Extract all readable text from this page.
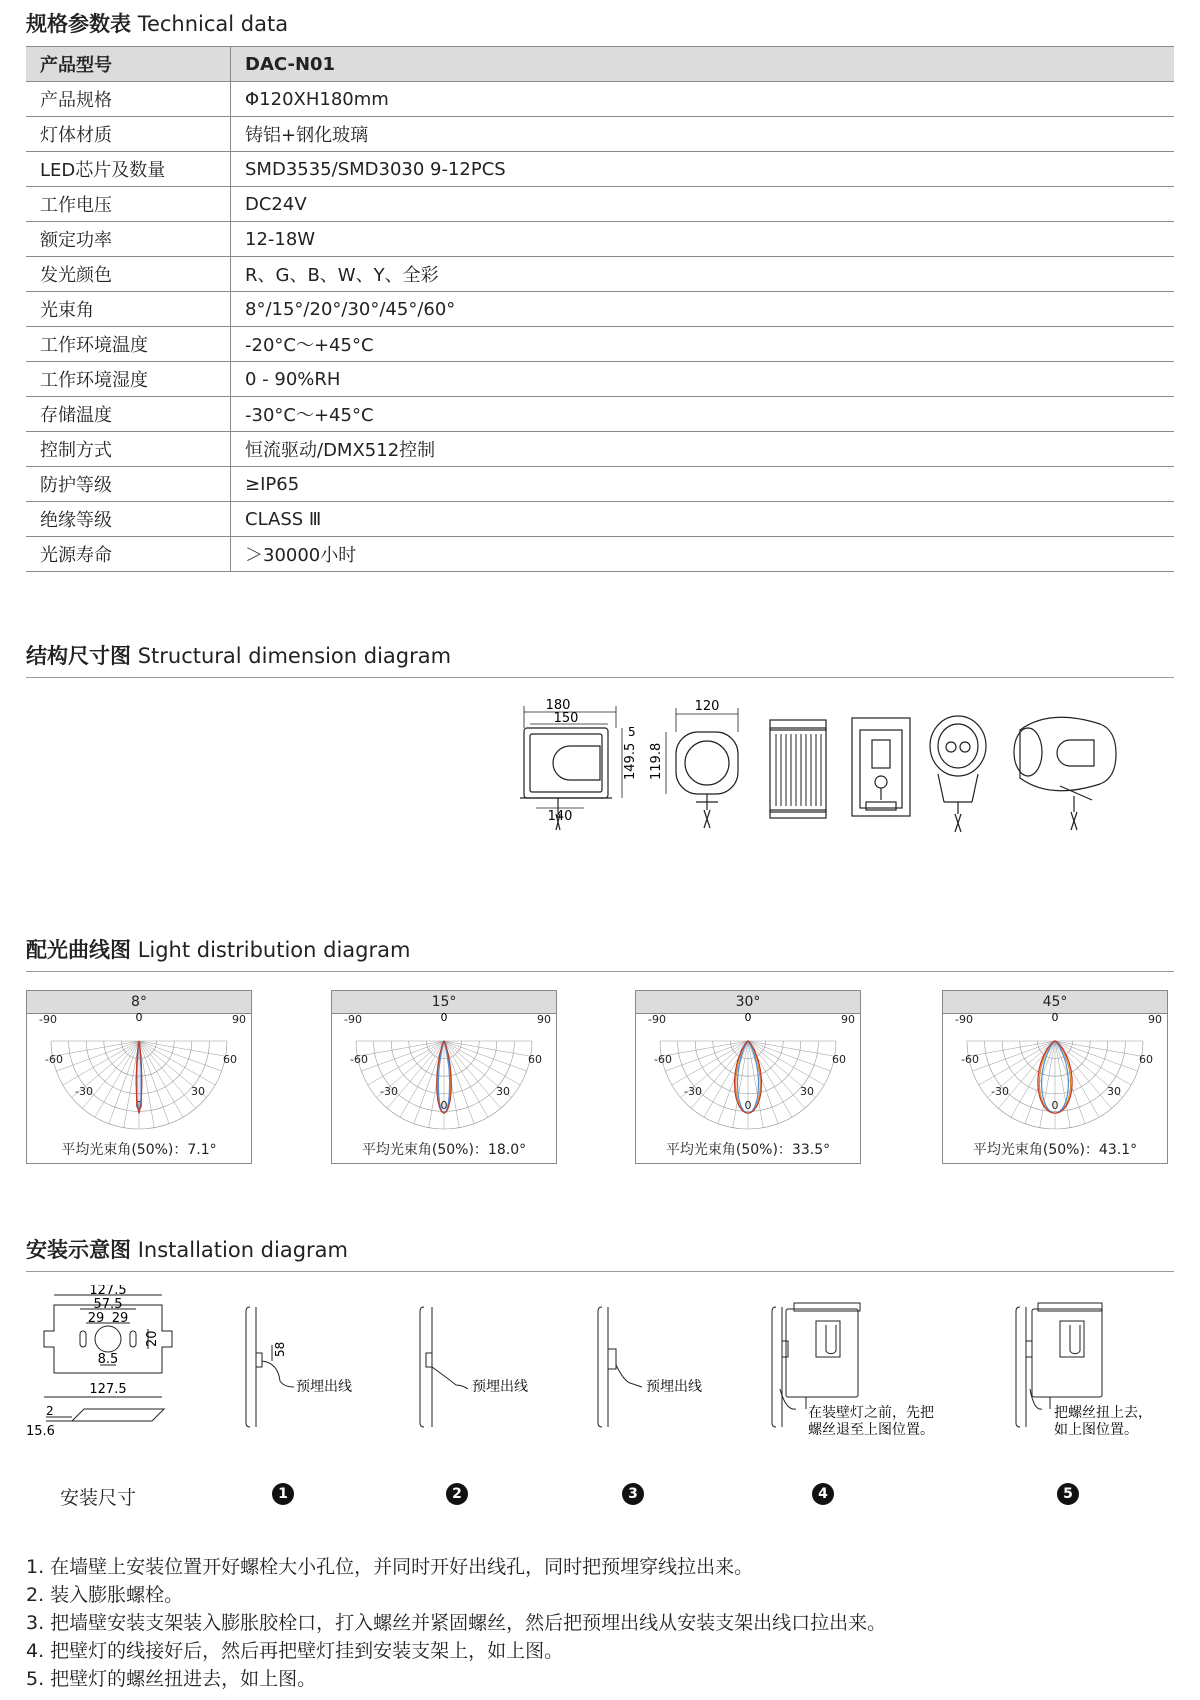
规格参数表 Technical data
产品型号	DAC-N01
产品规格	Φ120XH180mm
灯体材质	铸铝+钢化玻璃
LED芯片及数量	SMD3535/SMD3030 9-12PCS
工作电压	DC24V
额定功率	12-18W
发光颜色	R、G、B、W、Y、全彩
光束角	8°/15°/20°/30°/45°/60°
工作环境温度	-20°C～+45°C
工作环境湿度	0 - 90%RH
存储温度	-30°C～+45°C
控制方式	恒流驱动/DMX512控制
防护等级	≥IP65
绝缘等级	CLASS Ⅲ
光源寿命	＞30000小时
结构尺寸图 Structural dimension diagram
180
150
5
149.5
140
120
119.8
配光曲线图 Light distribution diagram
8°
-90	90
-60	60
-30	30
0
0
平均光束角(50%)：7.1°
15°
-90	90
-60	60
-30	30
0
0
平均光束角(50%)：18.0°
30°
-90	90
-60	60
-30	30
0
0
平均光束角(50%)：33.5°
45°
-90	90
-60	60
-30	30
0
0
平均光束角(50%)：43.1°
安装示意图 Installation diagram
127.5
57.5
29 29
20
8.5
127.5
2
15.6
58
预埋出线	预埋出线	预埋出线
在装壁灯之前，先把
螺丝退至上图位置。
把螺丝扭上去，
如上图位置。
安装尺寸	1	2	3	4	5
1. 在墙壁上安装位置开好螺栓大小孔位，并同时开好出线孔，同时把预埋穿线拉出来。
2. 装入膨胀螺栓。
3. 把墙壁安装支架装入膨胀胶栓口，打入螺丝并紧固螺丝，然后把预埋出线从安装支架出线口拉出来。
4. 把壁灯的线接好后，然后再把壁灯挂到安装支架上，如上图。
5. 把壁灯的螺丝扭进去，如上图。
